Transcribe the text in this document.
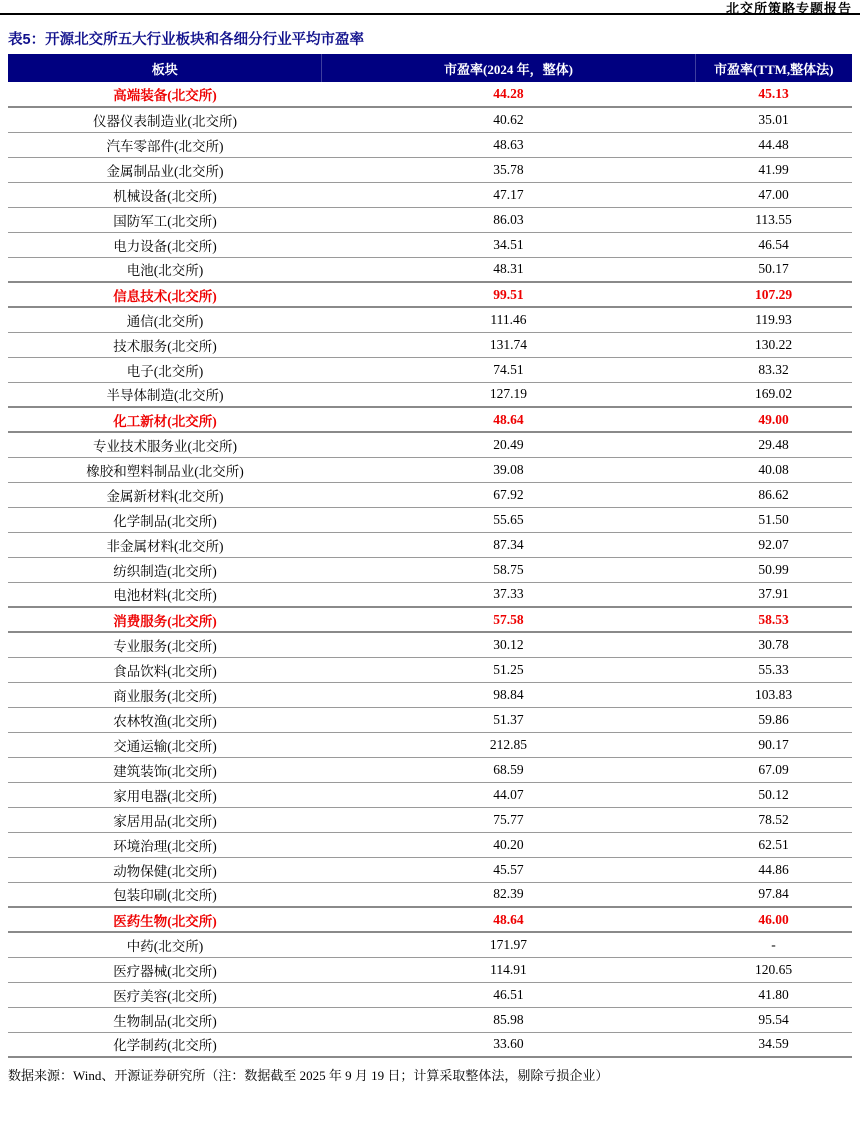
北交所策略专题报告
表5：开源北交所五大行业板块和各细分行业平均市盈率
板块	市盈率(2024 年，整体)	市盈率(TTM,整体法)
高端装备(北交所)	44.28	45.13
仪器仪表制造业(北交所)	40.62	35.01
汽车零部件(北交所)	48.63	44.48
金属制品业(北交所)	35.78	41.99
机械设备(北交所)	47.17	47.00
国防军工(北交所)	86.03	113.55
电力设备(北交所)	34.51	46.54
电池(北交所)	48.31	50.17
信息技术(北交所)	99.51	107.29
通信(北交所)	111.46	119.93
技术服务(北交所)	131.74	130.22
电子(北交所)	74.51	83.32
半导体制造(北交所)	127.19	169.02
化工新材(北交所)	48.64	49.00
专业技术服务业(北交所)	20.49	29.48
橡胶和塑料制品业(北交所)	39.08	40.08
金属新材料(北交所)	67.92	86.62
化学制品(北交所)	55.65	51.50
非金属材料(北交所)	87.34	92.07
纺织制造(北交所)	58.75	50.99
电池材料(北交所)	37.33	37.91
消费服务(北交所)	57.58	58.53
专业服务(北交所)	30.12	30.78
食品饮料(北交所)	51.25	55.33
商业服务(北交所)	98.84	103.83
农林牧渔(北交所)	51.37	59.86
交通运输(北交所)	212.85	90.17
建筑装饰(北交所)	68.59	67.09
家用电器(北交所)	44.07	50.12
家居用品(北交所)	75.77	78.52
环境治理(北交所)	40.20	62.51
动物保健(北交所)	45.57	44.86
包装印刷(北交所)	82.39	97.84
医药生物(北交所)	48.64	46.00
中药(北交所)	171.97	-
医疗器械(北交所)	114.91	120.65
医疗美容(北交所)	46.51	41.80
生物制品(北交所)	85.98	95.54
化学制药(北交所)	33.60	34.59
数据来源：Wind、开源证券研究所（注：数据截至 2025 年 9 月 19 日；计算采取整体法，剔除亏损企业）
